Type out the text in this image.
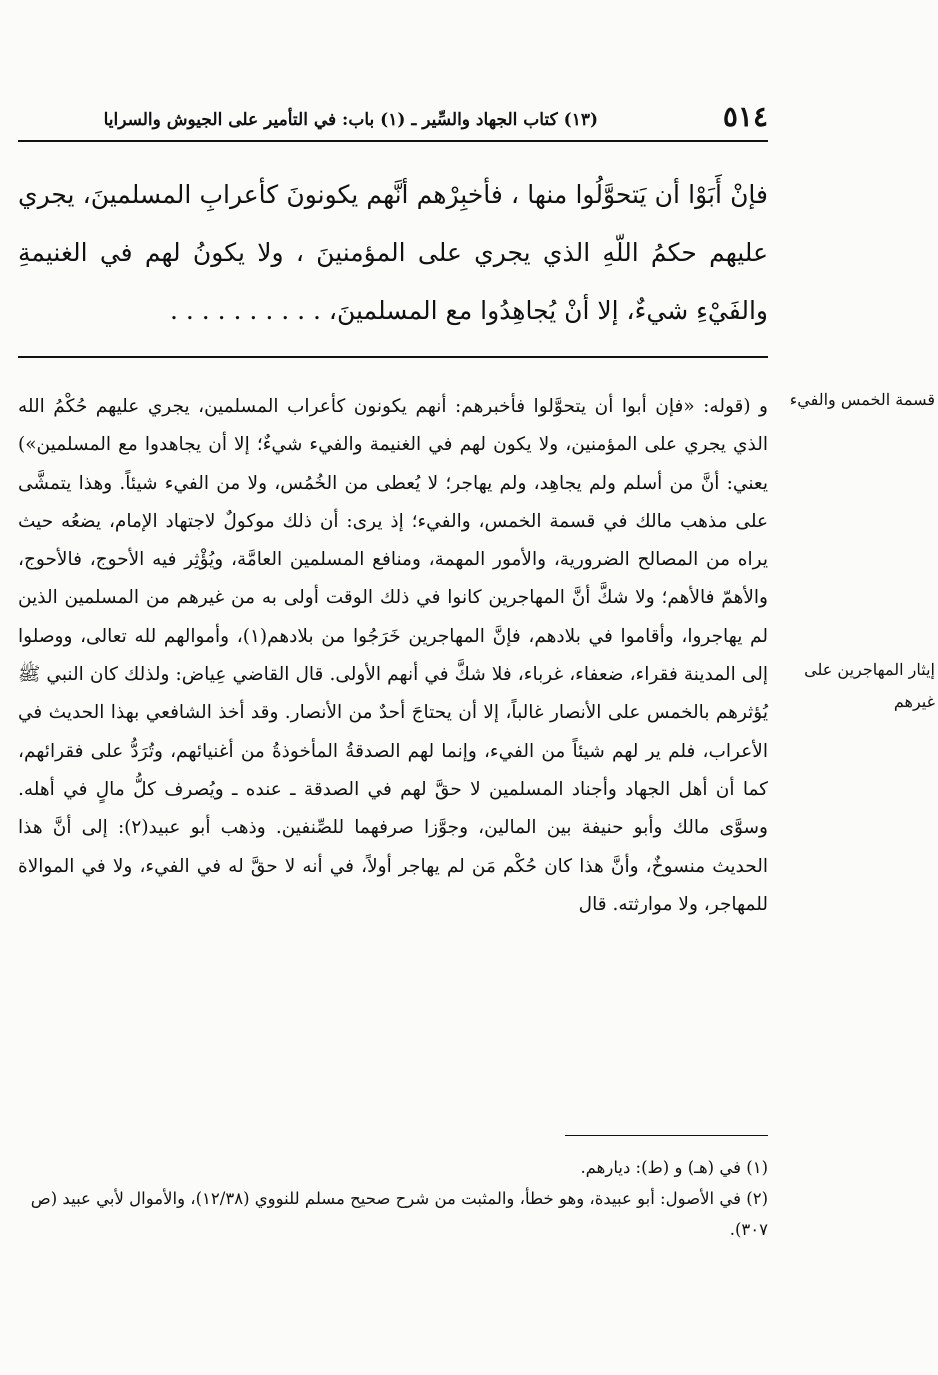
٥١٤
(١٣) كتاب الجهاد والسِّير ـ (١) باب: في التأمير على الجيوش والسرايا

فإنْ أَبَوْا أن يَتحوَّلُوا منها ، فأخبِرْهم أنَّهم يكونونَ كأعرابِ المسلمينَ، يجري عليهم حكمُ اللّهِ الذي يجري على المؤمنينَ ، ولا يكونُ لهم في الغنيمةِ والفَيْءِ شيءٌ، إلا أنْ يُجاهِدُوا مع المسلمينَ، . . . . . . . . . .

قسمة الخمس والفيء
إيثار المهاجرين على غيرهم

و (قوله: «فإن أبوا أن يتحوَّلوا فأخبرهم: أنهم يكونون كأعراب المسلمين، يجري عليهم حُكْمُ الله الذي يجري على المؤمنين، ولا يكون لهم في الغنيمة والفيء شيءٌ؛ إلا أن يجاهدوا مع المسلمين») يعني: أنَّ من أسلم ولم يجاهِد، ولم يهاجر؛ لا يُعطى من الخُمُس، ولا من الفيء شيئاً. وهذا يتمشَّى على مذهب مالك في قسمة الخمس، والفيء؛ إذ يرى: أن ذلك موكولٌ لاجتهاد الإمام، يضعُه حيث يراه من المصالح الضرورية، والأمور المهمة، ومنافع المسلمين العامَّة، ويُؤْثِر فيه الأحوج، فالأحوج، والأهمّ فالأهم؛ ولا شكَّ أنَّ المهاجرين كانوا في ذلك الوقت أولى به من غيرهم من المسلمين الذين لم يهاجروا، وأقاموا في بلادهم، فإنَّ المهاجرين خَرَجُوا من بلادهم(١)، وأموالهم لله تعالى، ووصلوا إلى المدينة فقراء، ضعفاء، غرباء، فلا شكَّ في أنهم الأولى. قال القاضي عِياض: ولذلك كان النبي ﷺ يُؤثرهم بالخمس على الأنصار غالباً، إلا أن يحتاجَ أحدٌ من الأنصار. وقد أخذ الشافعي بهذا الحديث في الأعراب، فلم ير لهم شيئاً من الفيء، وإنما لهم الصدقةُ المأخوذةُ من أغنيائهم، وتُرَدُّ على فقرائهم، كما أن أهل الجهاد وأجناد المسلمين لا حقَّ لهم في الصدقة ـ عنده ـ ويُصرف كلُّ مالٍ في أهله. وسوَّى مالك وأبو حنيفة بين المالين، وجوَّزا صرفهما للصِّنفين. وذهب أبو عبيد(٢): إلى أنَّ هذا الحديث منسوخٌ، وأنَّ هذا كان حُكْم مَن لم يهاجر أولاً، في أنه لا حقَّ له في الفيء، ولا في الموالاة للمهاجر، ولا موارثته. قال

(١) في (هـ) و (ط): ديارهم.

(٢) في الأصول: أبو عبيدة، وهو خطأ، والمثبت من شرح صحيح مسلم للنووي (١٢/٣٨)، والأموال لأبي عبيد (ص ٣٠٧).
